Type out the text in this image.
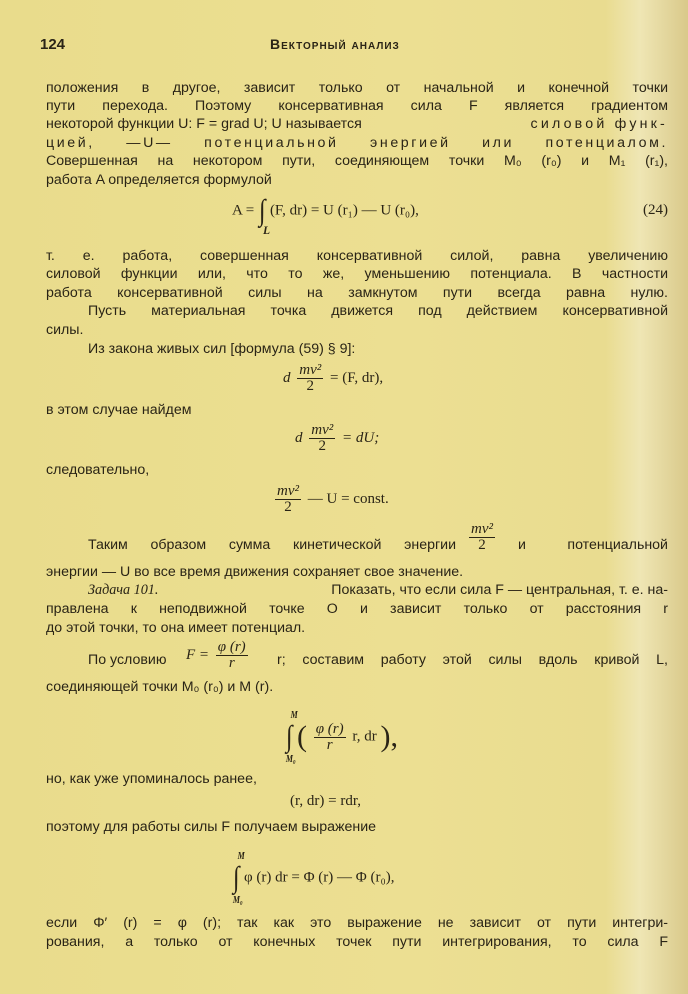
124	Векторный анализ
положения в другое, зависит только от начальной и конечной точки
пути перехода. Поэтому консервативная сила F является градиентом
некоторой функции U: F = grad U; U называется	силовой функ-
цией, —U— потенциальной энергией или потенциалом.
Совершенная на некотором пути, соединяющем точки M₀ (r₀) и M₁ (r₁),
работа A определяется формулой
A = ∫
L
(F, dr) = U (r₁) — U (r₀),	(24)
т. е. работа, совершенная консервативной силой, равна увеличению
силовой функции или, что то же, уменьшению потенциала. В частности
работа консервативной силы на замкнутом пути всегда равна нулю.
Пусть материальная точка движется под действием консервативной
силы.
Из закона живых сил [формула (59) § 9]:
d $\frac{\text{mv²}}{2} = (F$, dr),
в этом случае найдем
d $\frac{\text{mv²}}{2}$ = dU;
следовательно,
$\frac{\text{mv²}}{2}$ — U = const.
Таким образом сумма кинетической энергии $\frac{\text{mv²}}{2}$ и потенциальной
энергии — U во все время движения сохраняет свое значение.
Задача 101.	Показать, что если сила F — центральная, т. е. на-
правлена к неподвижной точке O и зависит только от расстояния r
до этой точки, то она имеет потенциал.
По условию	$F = \frac{\varphi (r)}{r} r$; составим работу этой силы вдоль кривой L,
соединяющей точки M₀ (r₀) и M (r).
∫
M
M₀
( $\frac{\varphi (r)}{r} r$, dr ),
но, как уже упоминалось ранее,
(r, dr) = rdr,
поэтому для работы силы F получаем выражение
∫
M
M₀
φ (r) dr = Φ (r) — Φ (r₀),
если Φ′ (r) = φ (r); так как это выражение не зависит от пути интегри-
рования, а только от конечных точек пути интегрирования, то сила F
